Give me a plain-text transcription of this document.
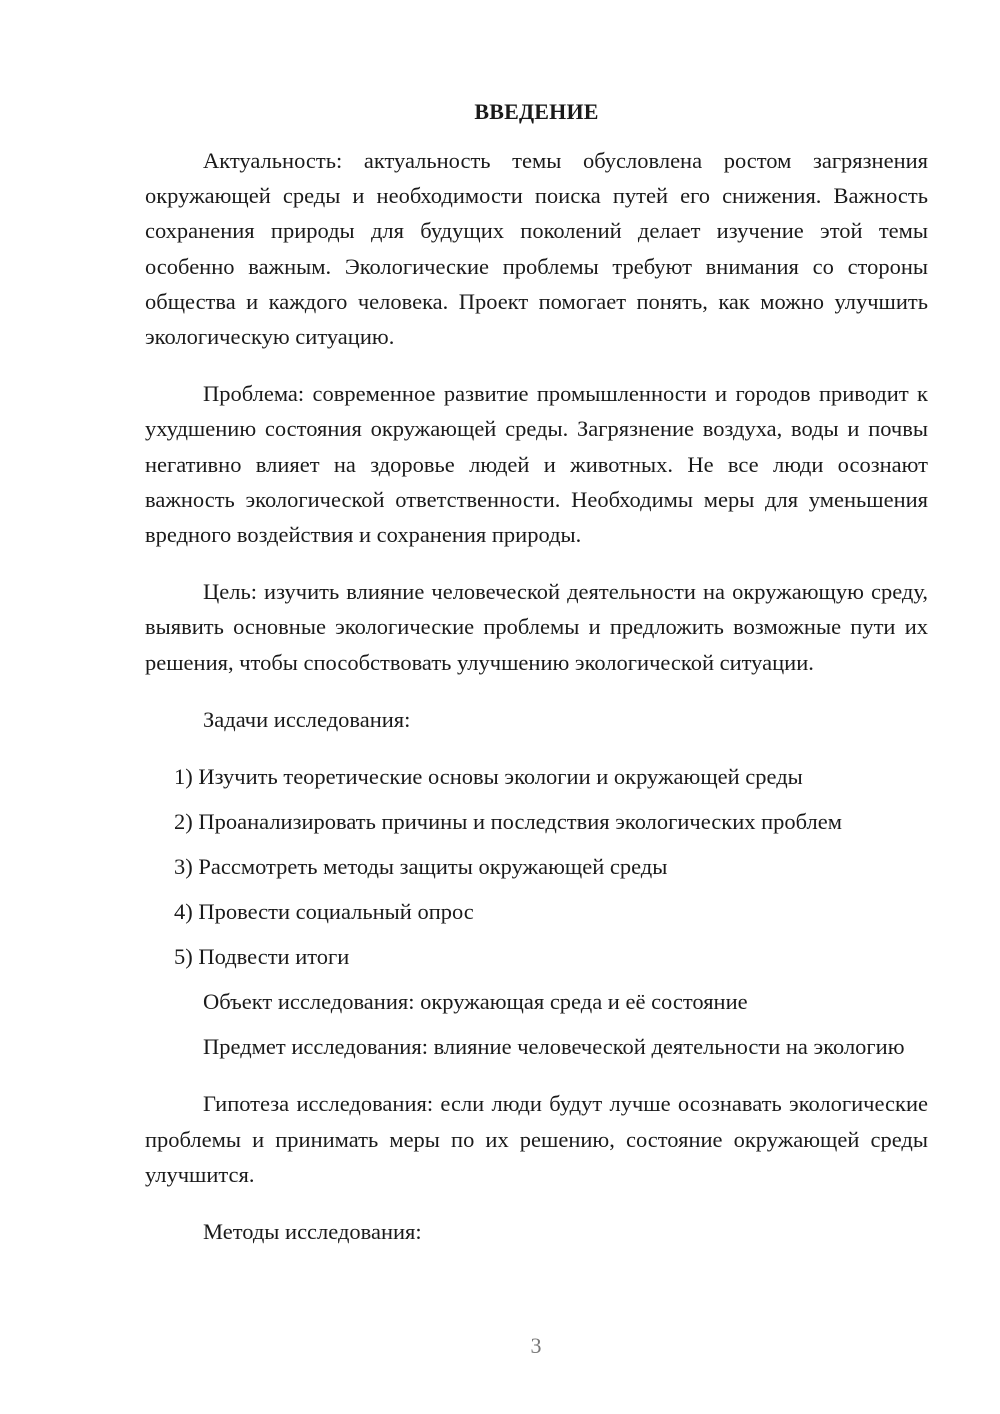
ВВЕДЕНИЕ

Актуальность: актуальность темы обусловлена ростом загрязнения окружающей среды и необходимости поиска путей его снижения. Важность сохранения природы для будущих поколений делает изучение этой темы особенно важным. Экологические проблемы требуют внимания со стороны общества и каждого человека. Проект помогает понять, как можно улучшить экологическую ситуацию.

Проблема: современное развитие промышленности и городов приводит к ухудшению состояния окружающей среды. Загрязнение воздуха, воды и почвы негативно влияет на здоровье людей и животных. Не все люди осознают важность экологической ответственности. Необходимы меры для уменьшения вредного воздействия и сохранения природы.

Цель: изучить влияние человеческой деятельности на окружающую среду, выявить основные экологические проблемы и предложить возможные пути их решения, чтобы способствовать улучшению экологической ситуации.

Задачи исследования:

1) Изучить теоретические основы экологии и окружающей среды
2) Проанализировать причины и последствия экологических проблем
3) Рассмотреть методы защиты окружающей среды
4) Провести социальный опрос
5) Подвести итоги

Объект исследования: окружающая среда и её состояние

Предмет исследования: влияние человеческой деятельности на экологию

Гипотеза исследования: если люди будут лучше осознавать экологические проблемы и принимать меры по их решению, состояние окружающей среды улучшится.

Методы исследования:

3
